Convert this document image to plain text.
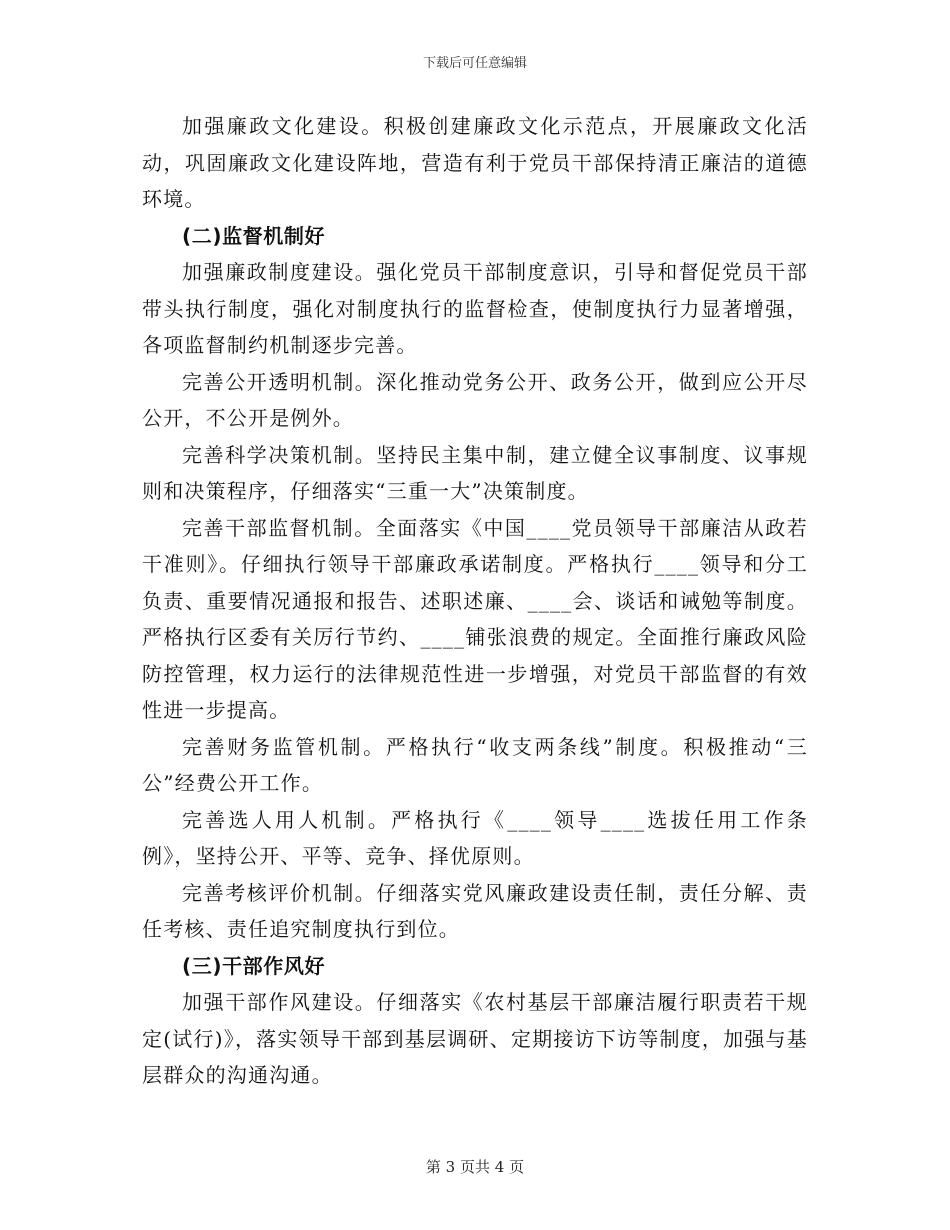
下载后可任意编辑

加强廉政文化建设。积极创建廉政文化示范点，开展廉政文化活动，巩固廉政文化建设阵地，营造有利于党员干部保持清正廉洁的道德环境。

(二)监督机制好

加强廉政制度建设。强化党员干部制度意识，引导和督促党员干部带头执行制度，强化对制度执行的监督检查，使制度执行力显著增强，各项监督制约机制逐步完善。

完善公开透明机制。深化推动党务公开、政务公开，做到应公开尽公开，不公开是例外。

完善科学决策机制。坚持民主集中制，建立健全议事制度、议事规则和决策程序，仔细落实“三重一大”决策制度。

完善干部监督机制。全面落实《中国____党员领导干部廉洁从政若干准则》。仔细执行领导干部廉政承诺制度。严格执行____领导和分工负责、重要情况通报和报告、述职述廉、____会、谈话和诫勉等制度。严格执行区委有关厉行节约、____铺张浪费的规定。全面推行廉政风险防控管理，权力运行的法律规范性进一步增强，对党员干部监督的有效性进一步提高。

完善财务监管机制。严格执行“收支两条线”制度。积极推动“三公”经费公开工作。

完善选人用人机制。严格执行《____领导____选拔任用工作条例》，坚持公开、平等、竞争、择优原则。

完善考核评价机制。仔细落实党风廉政建设责任制，责任分解、责任考核、责任追究制度执行到位。

(三)干部作风好

加强干部作风建设。仔细落实《农村基层干部廉洁履行职责若干规定(试行)》，落实领导干部到基层调研、定期接访下访等制度，加强与基层群众的沟通沟通。

第 3 页共 4 页
